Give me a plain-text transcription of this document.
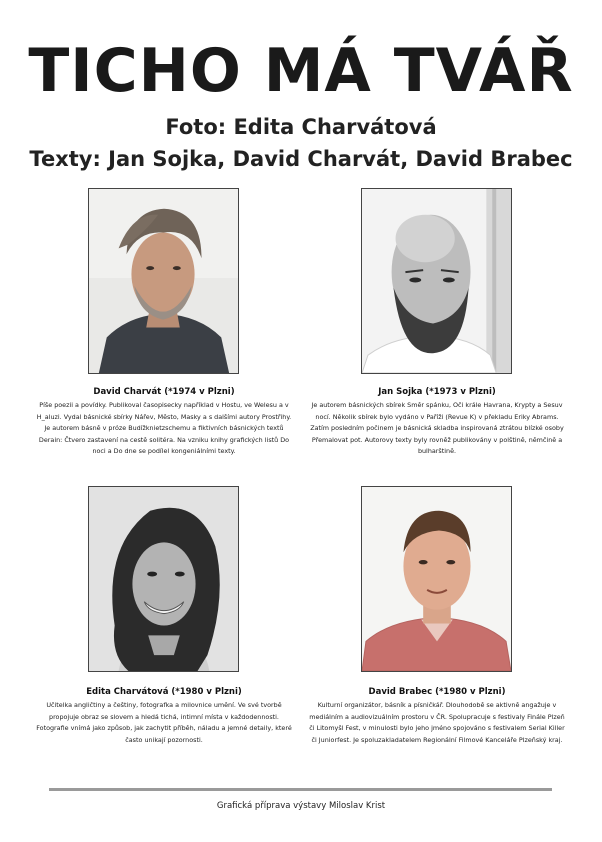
TICHO MÁ TVÁŘ
Foto: Edita Charvátová
Texty: Jan Sojka, David Charvát, David Brabec
David Charvát (*1974 v Plzni)

Píše poezii a povídky. Publikoval časopisecky například v Hostu, ve Welesu a v H_aluzi. Vydal básnické sbírky Nářev, Město, Masky a s dalšími autory Prostřihy. Je autorem básně v próze Budížknietzschemu a fiktivních básnických textů Derain: Čtvero zastavení na cestě solitéra. Na vzniku knihy grafických listů Do noci a Do dne se podílel kongeniálními texty.

Jan Sojka (*1973 v Plzni)

Je autorem básnických sbírek Směr spánku, Oči krále Havrana, Krypty a Sesuv nocí. Několik sbírek bylo vydáno v Paříži (Revue K) v překladu Eriky Abrams. Zatím posledním počinem je básnická skladba inspirovaná ztrátou blízké osoby Přemalovat pot. Autorovy texty byly rovněž publikovány v polštině, němčině a bulharštině.

Edita Charvátová (*1980 v Plzni)

Učitelka angličtiny a češtiny, fotografka a milovnice umění. Ve své tvorbě propojuje obraz se slovem a hledá tichá, intimní místa v každodennosti. Fotografie vnímá jako způsob, jak zachytit příběh, náladu a jemné detaily, které často unikají pozornosti.

David Brabec (*1980 v Plzni)

Kulturní organizátor, básník a písničkář. Dlouhodobě se aktivně angažuje v mediálním a audiovizuálním prostoru v ČR. Spolupracuje s festivaly Finále Plzeň či Litomyšl Fest, v minulosti bylo jeho jméno spojováno s festivalem Serial Killer či Juniorfest. Je spoluzakladatelem Regionální Filmové Kanceláře Plzeňský kraj.

Grafická příprava výstavy Miloslav Krist
